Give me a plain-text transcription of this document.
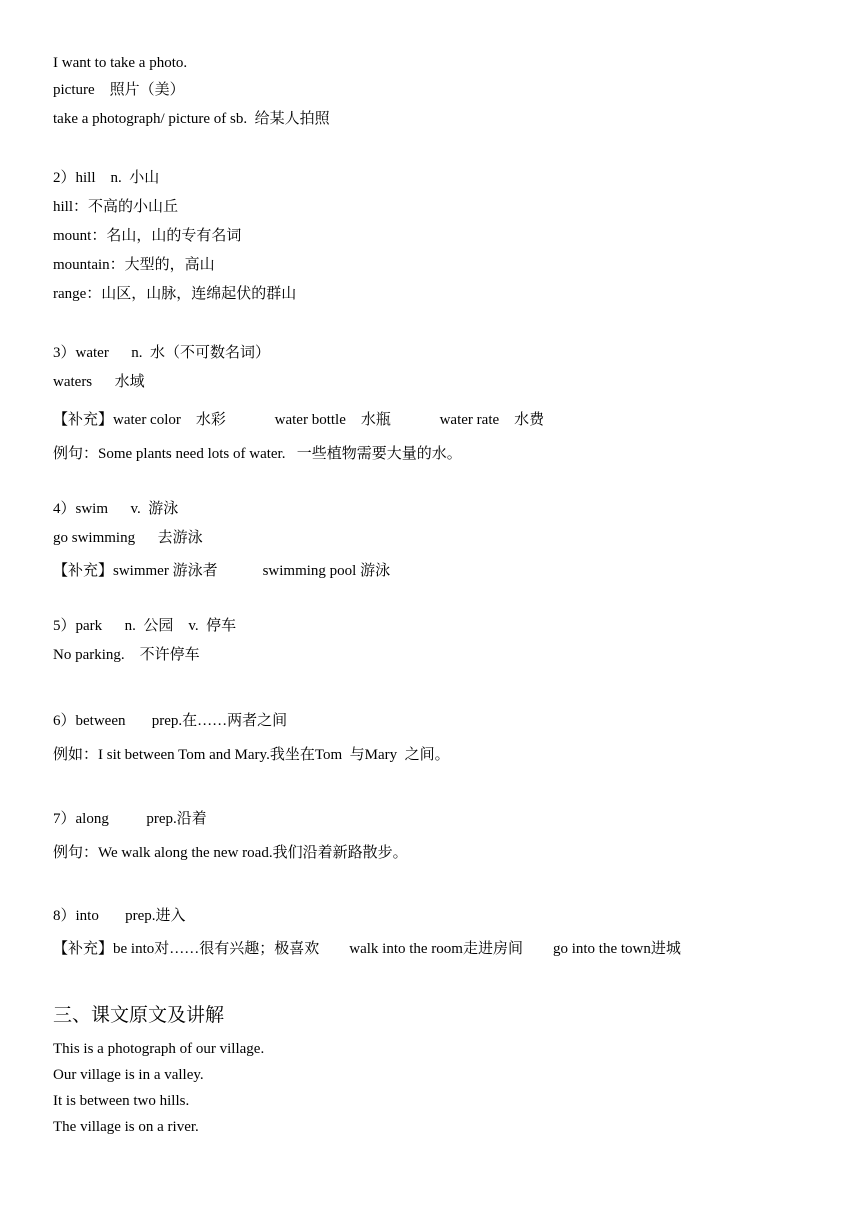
I want to take a photo.
picture　照片（美）
take a photograph/ picture of sb.  给某人拍照
2）hill　n.  小山
hill：不高的小山丘
mount：名山，山的专有名词
mountain：大型的，高山
range：山区，山脉，连绵起伏的群山
3）water　  n.  水（不可数名词）
waters　  水域
【补充】water color　水彩　　　 water bottle　水瓶　　　 water rate　水费
例句：Some plants need lots of water.   一些植物需要大量的水。
4）swim　  v.  游泳
go swimming　  去游泳
【补充】swimmer 游泳者　　　swimming pool 游泳
5）park　  n.  公园　v.  停车
No parking.　不许停车
6）between　   prep.在……两者之间
例如：I sit between Tom and Mary.我坐在Tom  与Mary  之间。
7）along　　  prep.沿着
例句：We walk along the new road.我们沿着新路散步。
8）into　   prep.进入
【补充】be into对……很有兴趣；极喜欢　　walk into the room走进房间　　go into the town进城
三、课文原文及讲解
This is a photograph of our village.
Our village is in a valley.
It is between two hills.
The village is on a river.
